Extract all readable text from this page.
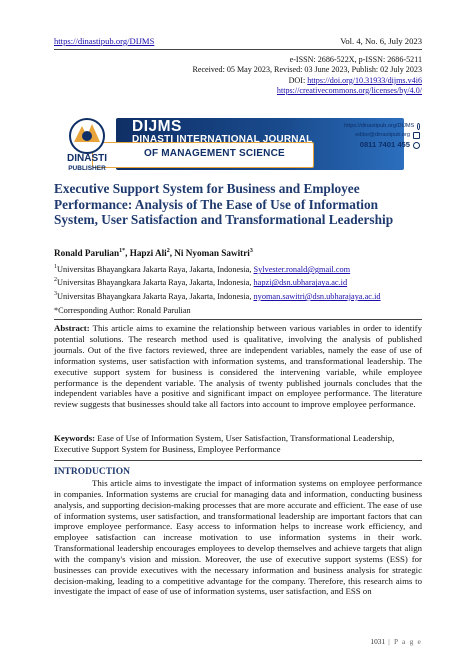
https://dinastipub.org/DIJMS	Vol. 4, No. 6, July 2023
e-ISSN: 2686-522X, p-ISSN: 2686-5211
Received: 05 May 2023, Revised: 03 June 2023, Publish: 02 July 2023
DOI: https://doi.org/10.31933/dijms.v4i6
https://creativecommons.org/licenses/by/4.0/
DINASTI
PUBLISHER
DIJMS
DINASTI INTERNATIONAL JOURNAL
OF MANAGEMENT SCIENCE
https://dinastipub.org/DIJMS
editor@dinastipub.org
0811 7401 455
Executive Support System for Business and Employee Performance: Analysis of The Ease of Use of Information System, User Satisfaction and Transformational Leadership
Ronald Parulian$^{1*}$, Hapzi Ali$^2$, Ni Nyoman Sawitri$^3$
$^1$Universitas Bhayangkara Jakarta Raya, Jakarta, Indonesia, Sylvester.ronald@gmail.com
$^2$Universitas Bhayangkara Jakarta Raya, Jakarta, Indonesia, hapzi@dsn.ubharajaya.ac.id
$^3$Universitas Bhayangkara Jakarta Raya, Jakarta, Indonesia, nyoman.sawitri@dsn.ubharajaya.ac.id
*Corresponding Author: Ronald Parulian
Abstract: This article aims to examine the relationship between various variables in order to identify potential solutions. The research method used is qualitative, involving the analysis of published journals. Out of the five factors reviewed, three are independent variables, namely the ease of use of information systems, user satisfaction with information systems, and transformational leadership. The executive support system for business is considered the intervening variable, while employee performance is the dependent variable. The analysis of twenty published journals concludes that the independent variables have a positive and significant impact on employee performance. The literature review suggests that businesses should take all factors into account to improve employee performance.
Keywords: Ease of Use of Information System, User Satisfaction, Transformational Leadership, Executive Support System for Business, Employee Performance
INTRODUCTION
This article aims to investigate the impact of information systems on employee performance in companies. Information systems are crucial for managing data and information, conducting business analysis, and supporting decision-making processes that are more accurate and efficient. The ease of use of information systems, user satisfaction, and transformational leadership are important factors that can improve employee performance. Easy access to information helps to increase work efficiency, and employee satisfaction can increase motivation to use information systems in their work. Transformational leadership encourages employees to develop themselves and achieve targets that align with the company's vision and mission. Moreover, the use of executive support systems (ESS) for businesses can provide executives with the necessary information and business analysis for strategic decision-making, leading to a competitive advantage for the company. Therefore, this research aims to investigate the impact of ease of use of information systems, user satisfaction, and ESS on
1031 | P a g e
